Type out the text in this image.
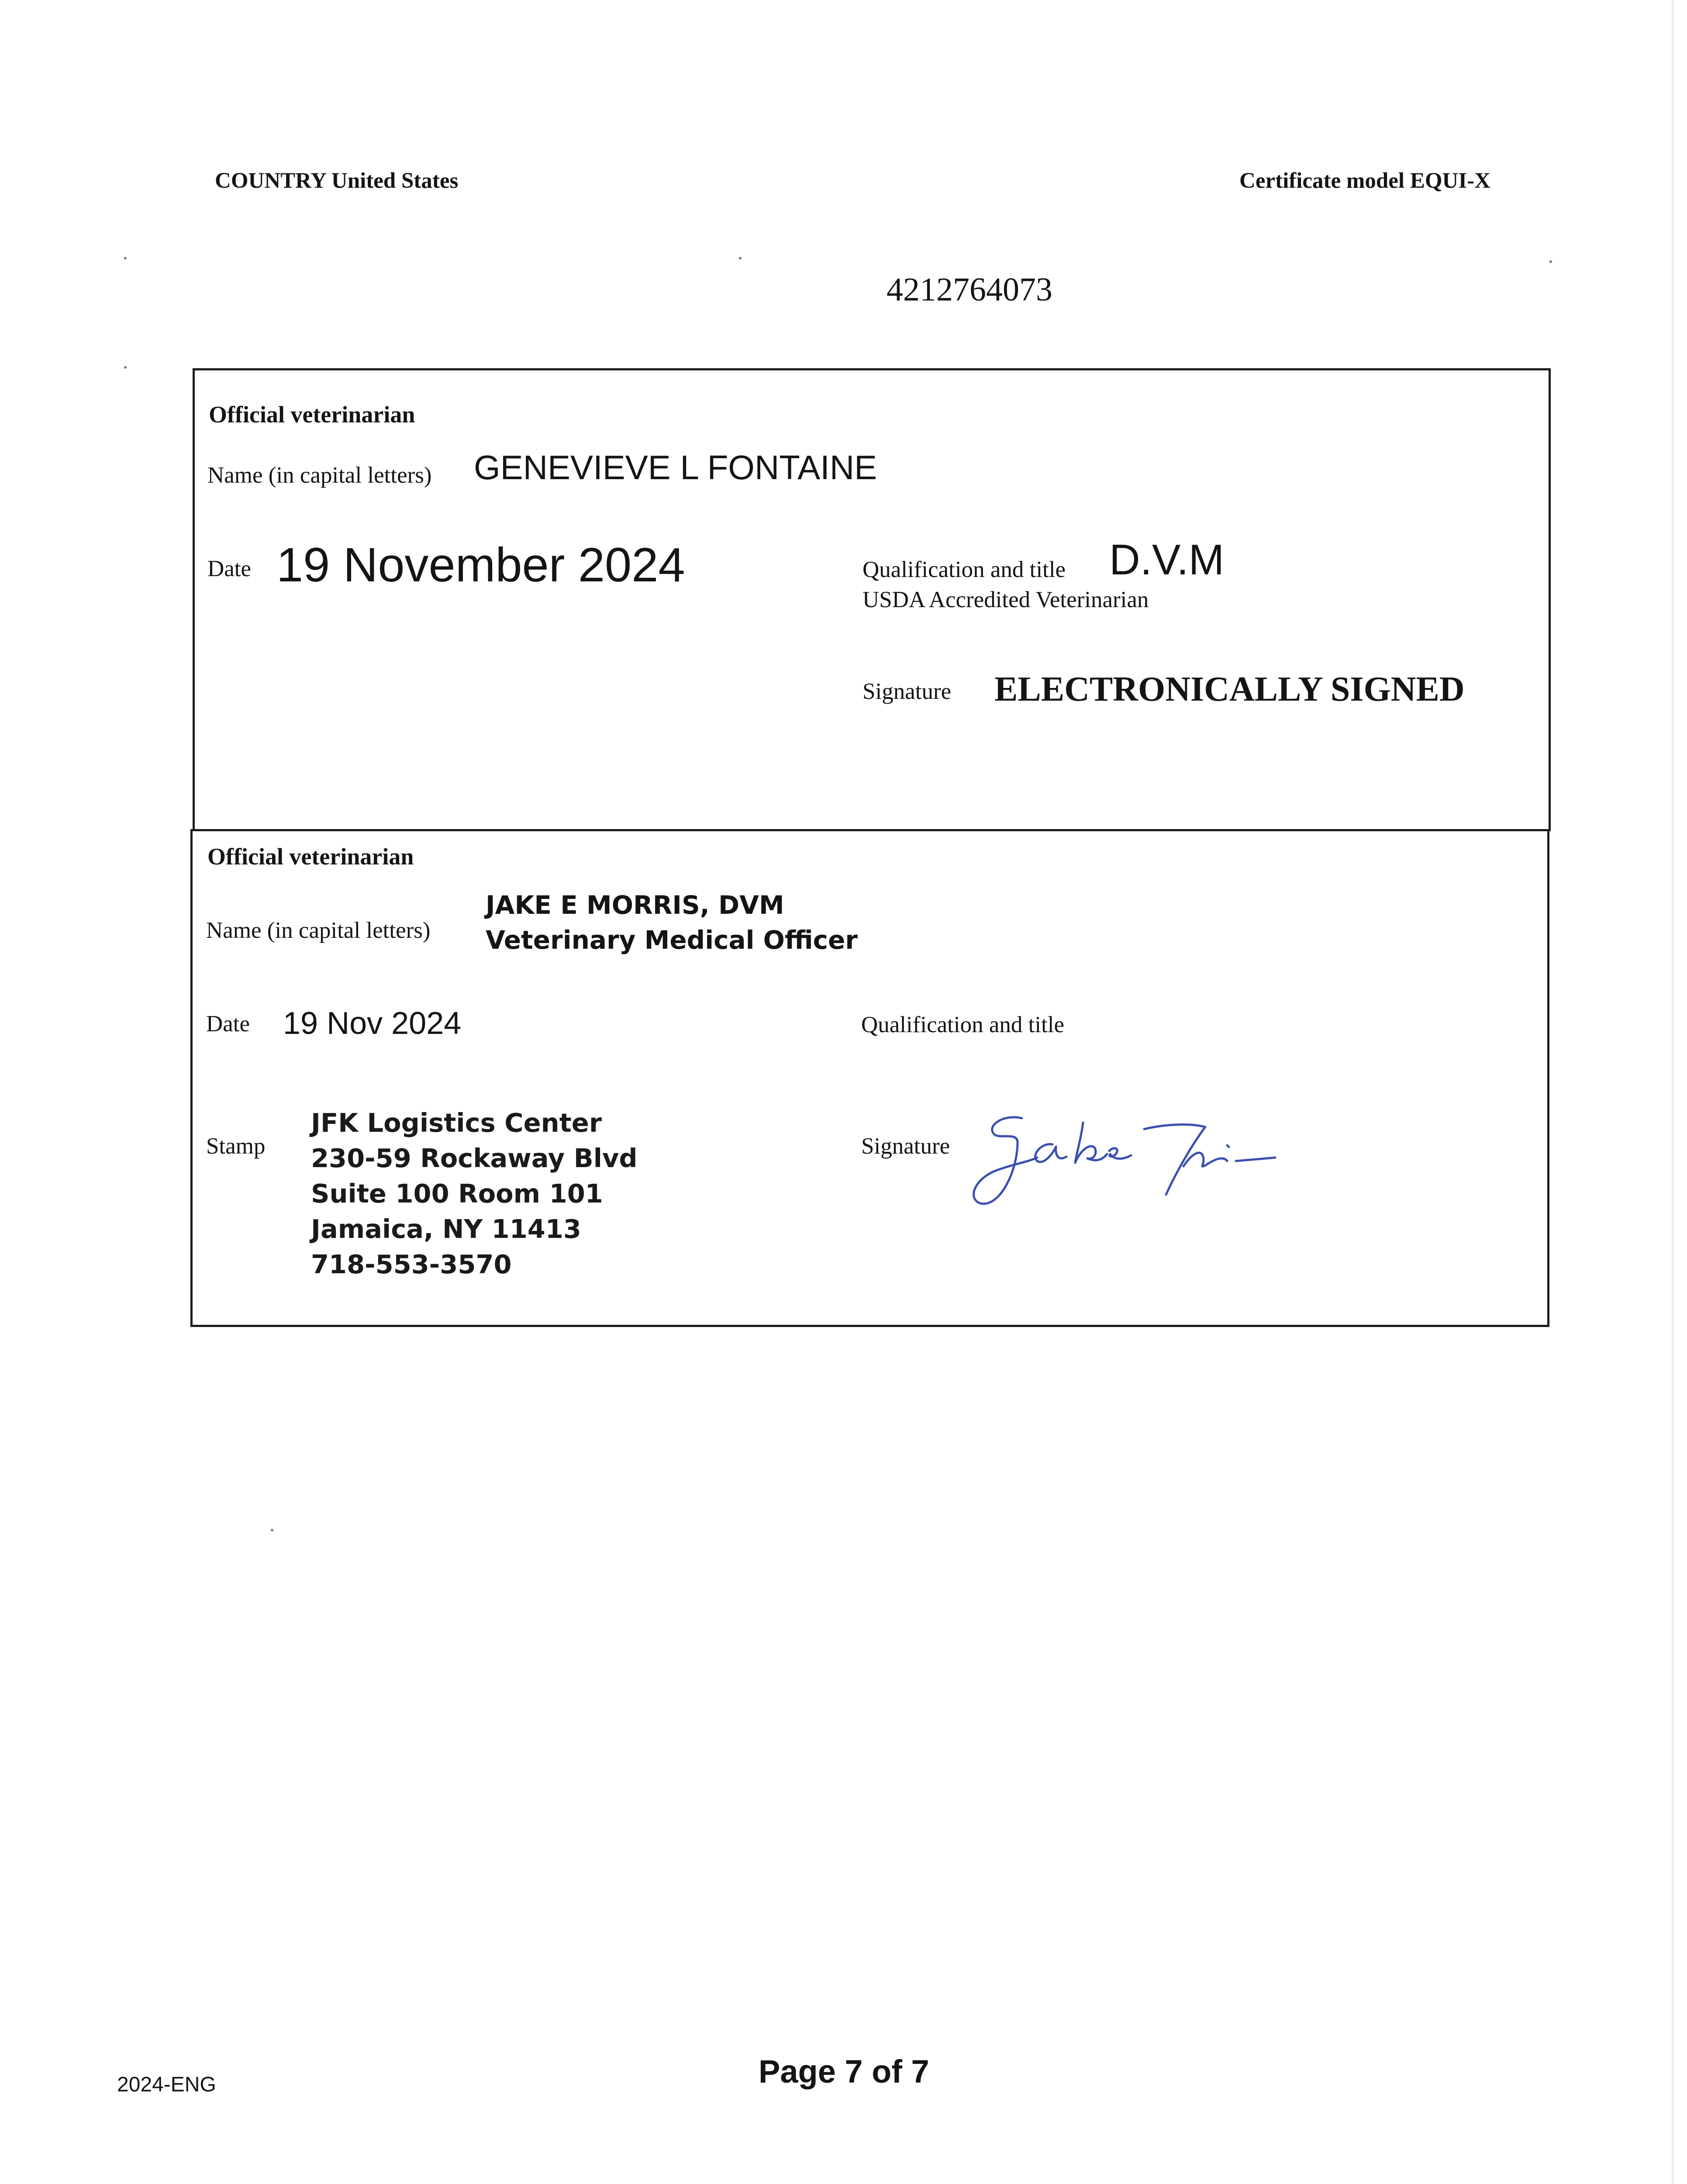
COUNTRY United States	Certificate model EQUI-X
4212764073
Official veterinarian
Name (in capital letters) GENEVIEVE L FONTAINE
Date 19 November 2024	Qualification and title D.V.M
USDA Accredited Veterinarian
Signature ELECTRONICALLY SIGNED
Official veterinarian
Name (in capital letters)
JAKE E MORRIS, DVM
Veterinary Medical Officer
Date 19 Nov 2024	Qualification and title
Stamp
JFK Logistics Center
230-59 Rockaway Blvd
Suite 100 Room 101
Jamaica, NY 11413
718-553-3570
Signature
2024-ENG	Page 7 of 7
